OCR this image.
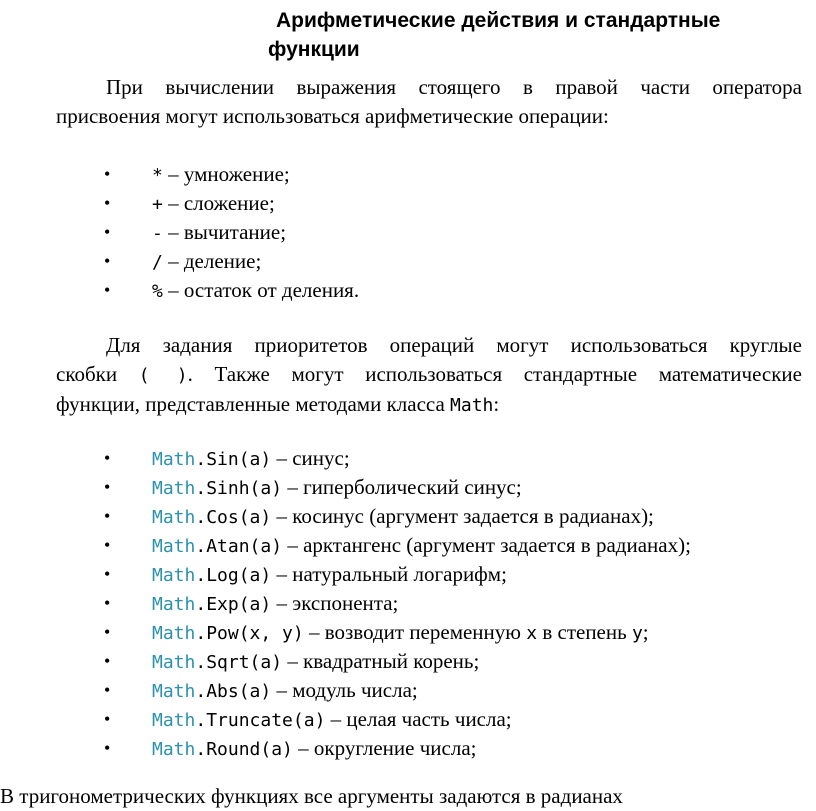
Арифметические действия и стандартные
функции
При вычислении выражения стоящего в правой части оператора
присвоения могут использоваться арифметические операции:
• * – умножение;
• + – сложение;
• - – вычитание;
• / – деление;
• % – остаток от деления.
Для задания приоритетов операций могут использоваться круглые
скобки ( ). Также могут использоваться стандартные математические
функции, представленные методами класса Math:
• Math.Sin(a) – синус;
• Math.Sinh(a) – гиперболический синус;
• Math.Cos(a) – косинус (аргумент задается в радианах);
• Math.Atan(a) – арктангенс (аргумент задается в радианах);
• Math.Log(a) – натуральный логарифм;
• Math.Exp(a) – экспонента;
• Math.Pow(x, y) – возводит переменную x в степень y;
• Math.Sqrt(a) – квадратный корень;
• Math.Abs(a) – модуль числа;
• Math.Truncate(a) – целая часть числа;
• Math.Round(a) – округление числа;
В тригонометрических функциях все аргументы задаются в радианах
